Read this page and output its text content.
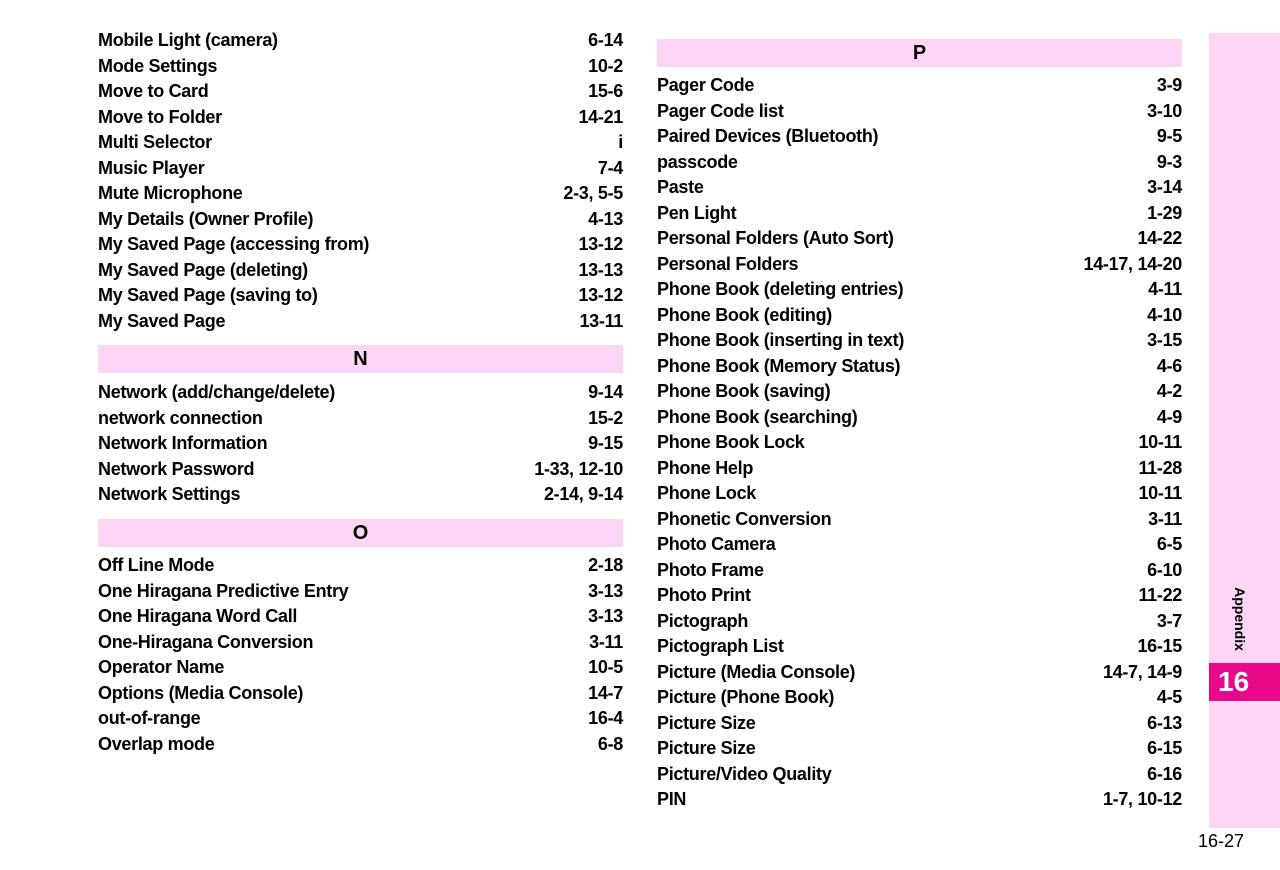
Mobile Light (camera)	6-14
Mode Settings	10-2
Move to Card	15-6
Move to Folder	14-21
Multi Selector	i
Music Player	7-4
Mute Microphone	2-3, 5-5
My Details (Owner Profile)	4-13
My Saved Page (accessing from)	13-12
My Saved Page (deleting)	13-13
My Saved Page (saving to)	13-12
My Saved Page	13-11
N
Network (add/change/delete)	9-14
network connection	15-2
Network Information	9-15
Network Password	1-33, 12-10
Network Settings	2-14, 9-14
O
Off Line Mode	2-18
One Hiragana Predictive Entry	3-13
One Hiragana Word Call	3-13
One-Hiragana Conversion	3-11
Operator Name	10-5
Options (Media Console)	14-7
out-of-range	16-4
Overlap mode	6-8
P
Pager Code	3-9
Pager Code list	3-10
Paired Devices (Bluetooth)	9-5
passcode	9-3
Paste	3-14
Pen Light	1-29
Personal Folders (Auto Sort)	14-22
Personal Folders	14-17, 14-20
Phone Book (deleting entries)	4-11
Phone Book (editing)	4-10
Phone Book (inserting in text)	3-15
Phone Book (Memory Status)	4-6
Phone Book (saving)	4-2
Phone Book (searching)	4-9
Phone Book Lock	10-11
Phone Help	11-28
Phone Lock	10-11
Phonetic Conversion	3-11
Photo Camera	6-5
Photo Frame	6-10
Photo Print	11-22
Pictograph	3-7
Pictograph List	16-15
Picture (Media Console)	14-7, 14-9
Picture (Phone Book)	4-5
Picture Size	6-13
Picture Size	6-15
Picture/Video Quality	6-16
PIN	1-7, 10-12
Appendix
16
16-27
